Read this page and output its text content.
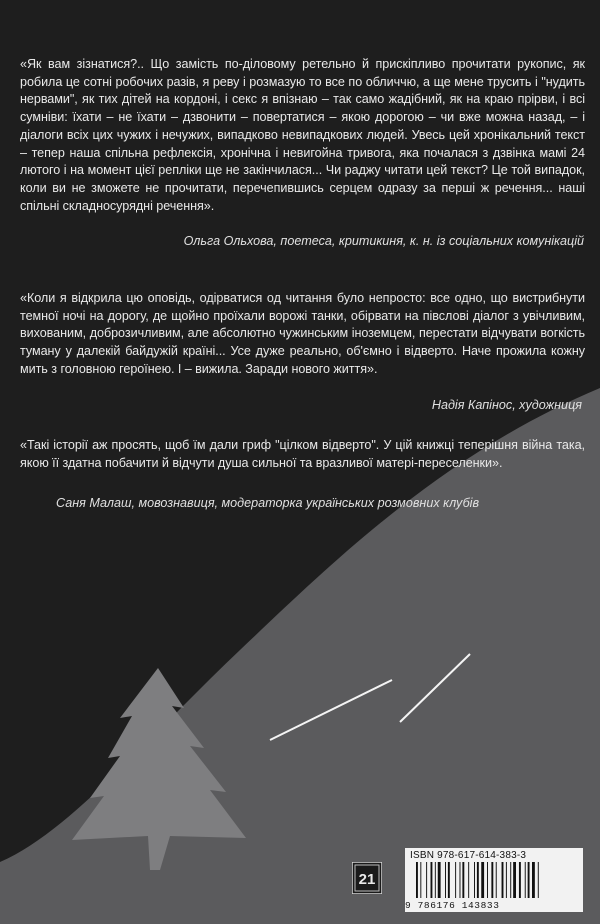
«Як вам зізнатися?.. Що замість по-діловому ретельно й прискіпливо прочитати рукопис, як робила це сотні робочих разів, я реву і розмазую то все по обличчю, а ще мене трусить і "нудить нервами", як тих дітей на кордоні, і секс я впізнаю – так само жадібний, як на краю прірви, і всі сумніви: їхати – не їхати – дзвонити – повертатися – якою дорогою – чи вже можна назад, – і діалоги всіх цих чужих і нечужих, випадково невипадкових людей. Увесь цей хронікальний текст – тепер наша спільна рефлексія, хронічна і невигойна тривога, яка почалася з дзвінка мамі 24 лютого і на момент цієї репліки ще не закінчилася... Чи раджу читати цей текст? Це той випадок, коли ви не зможете не прочитати, перечепившись серцем одразу за перші ж речення... наші спільні складносурядні речення».
Ольга Ольхова, поетеса, критикиня, к. н. із соціальних комунікацій
«Коли я відкрила цю оповідь, одірватися од читання було непросто: все одно, що вистрибнути темної ночі на дорогу, де щойно проїхали ворожі танки, обірвати на півслові діалог з увічливим, вихованим, доброзичливим, але абсолютно чужинським іноземцем, перестати відчувати вогкість туману у далекій байдужій країні... Усе дуже реально, об'ємно і відверто. Наче прожила кожну мить з головною героїнею. І – вижила. Заради нового життя».
Надія Капінос, художниця
«Такі історії аж просять, щоб їм дали гриф "цілком відверто". У цій книжці теперішня війна така, якою її здатна побачити й відчути душа сильної та вразливої матері-переселенки».
Саня Малаш, мовознавиця, модераторка українських розмовних клубів
21
ISBN 978-617-614-383-3
9 786176 143833
